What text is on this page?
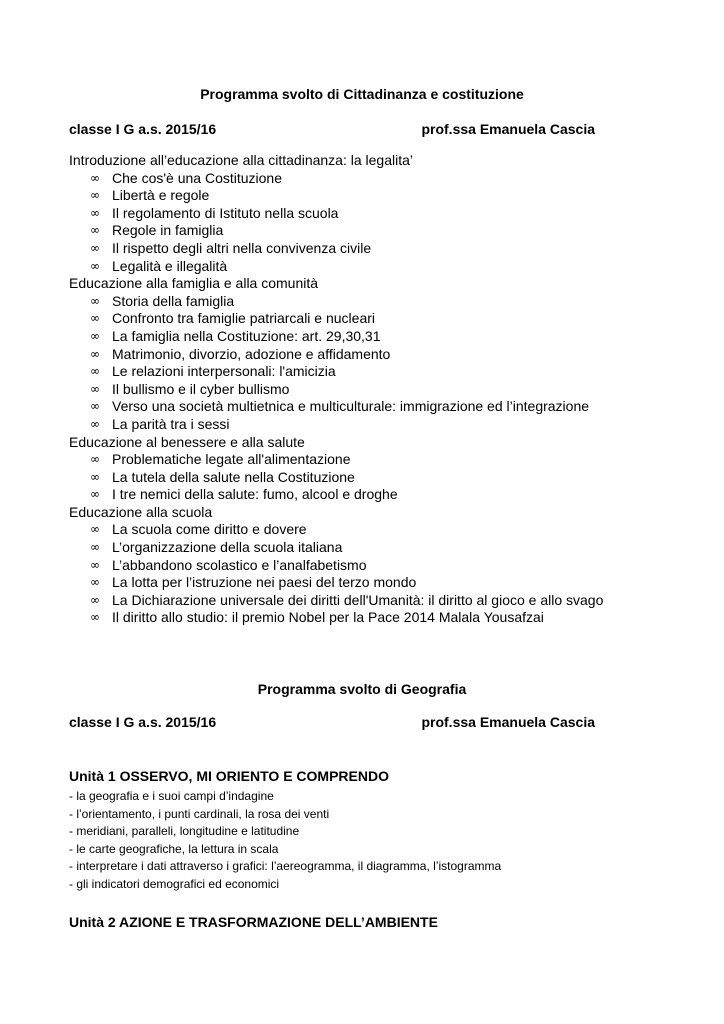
Programma svolto di Cittadinanza e costituzione
classe I G a.s. 2015/16	prof.ssa Emanuela Cascia
Introduzione all’educazione alla cittadinanza: la legalita’
∞ Che cos'è una Costituzione
∞ Libertà e regole
∞ Il regolamento di Istituto nella scuola
∞ Regole in famiglia
∞ Il rispetto degli altri nella convivenza civile
∞ Legalità e illegalità
Educazione alla famiglia e alla comunità
∞ Storia della famiglia
∞ Confronto tra famiglie patriarcali e nucleari
∞ La famiglia nella Costituzione: art. 29,30,31
∞ Matrimonio, divorzio, adozione e affidamento
∞ Le relazioni interpersonali: l'amicizia
∞ Il bullismo e il cyber bullismo
∞ Verso una società multietnica e multiculturale: immigrazione ed l’integrazione
∞ La parità tra i sessi
Educazione al benessere e alla salute
∞ Problematiche legate all'alimentazione
∞ La tutela della salute nella Costituzione
∞ I tre nemici della salute: fumo, alcool e droghe
Educazione alla scuola
∞ La scuola come diritto e dovere
∞ L’organizzazione della scuola italiana
∞ L’abbandono scolastico e l’analfabetismo
∞ La lotta per l’istruzione nei paesi del terzo mondo
∞ La Dichiarazione universale dei diritti dell'Umanità: il diritto al gioco e allo svago
∞ Il diritto allo studio: il premio Nobel per la Pace 2014 Malala Yousafzai
Programma svolto di Geografia
classe I G a.s. 2015/16	prof.ssa Emanuela Cascia
Unità 1 OSSERVO, MI ORIENTO E COMPRENDO
- la geografia e i suoi campi d’indagine
- l’orientamento, i punti cardinali, la rosa dei venti
- meridiani, paralleli, longitudine e latitudine
- le carte geografiche, la lettura in scala
- interpretare i dati attraverso i grafici: l’aereogramma, il diagramma, l’istogramma
- gli indicatori demografici ed economici
Unità 2 AZIONE E TRASFORMAZIONE DELL’AMBIENTE
